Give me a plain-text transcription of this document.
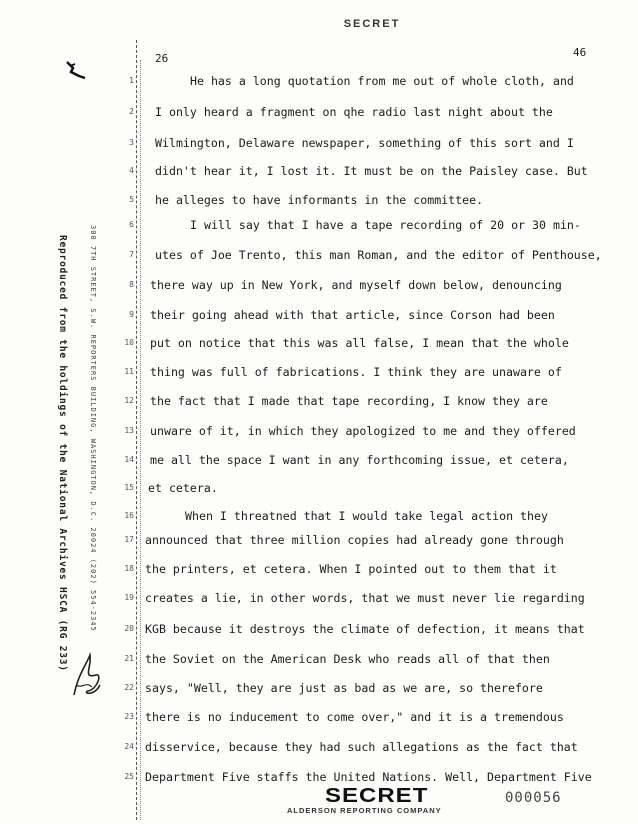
SECRET
26	46
Reproduced from the holdings of the National Archives HSCA (RG 233)	300 7TH STREET, S.W. REPORTERS BUILDING, WASHINGTON, D.C. 20024 (202) 554-2345
1
2
3
4
5
6
7
8
9
10
11
12
13
14
15
16
17
18
19
20
21
22
23
24
25
He has a long quotation from me out of whole cloth, and
I only heard a fragment on qhe radio last night about the
Wilmington, Delaware newspaper, something of this sort and I
didn't hear it, I lost it. It must be on the Paisley case. But
he alleges to have informants in the committee.
I will say that I have a tape recording of 20 or 30 min-
utes of Joe Trento, this man Roman, and the editor of Penthouse,
there way up in New York, and myself down below, denouncing
their going ahead with that article, since Corson had been
put on notice that this was all false, I mean that the whole
thing was full of fabrications. I think they are unaware of
the fact that I made that tape recording, I know they are
unware of it, in which they apologized to me and they offered
me all the space I want in any forthcoming issue, et cetera,
et cetera.
When I threatned that I would take legal action they
announced that three million copies had already gone through
the printers, et cetera. When I pointed out to them that it
creates a lie, in other words, that we must never lie regarding
KGB because it destroys the climate of defection, it means that
the Soviet on the American Desk who reads all of that then
says, "Well, they are just as bad as we are, so therefore
there is no inducement to come over," and it is a tremendous
disservice, because they had such allegations as the fact that
Department Five staffs the United Nations. Well, Department Five
SECRET
ALDERSON REPORTING COMPANY
000056
